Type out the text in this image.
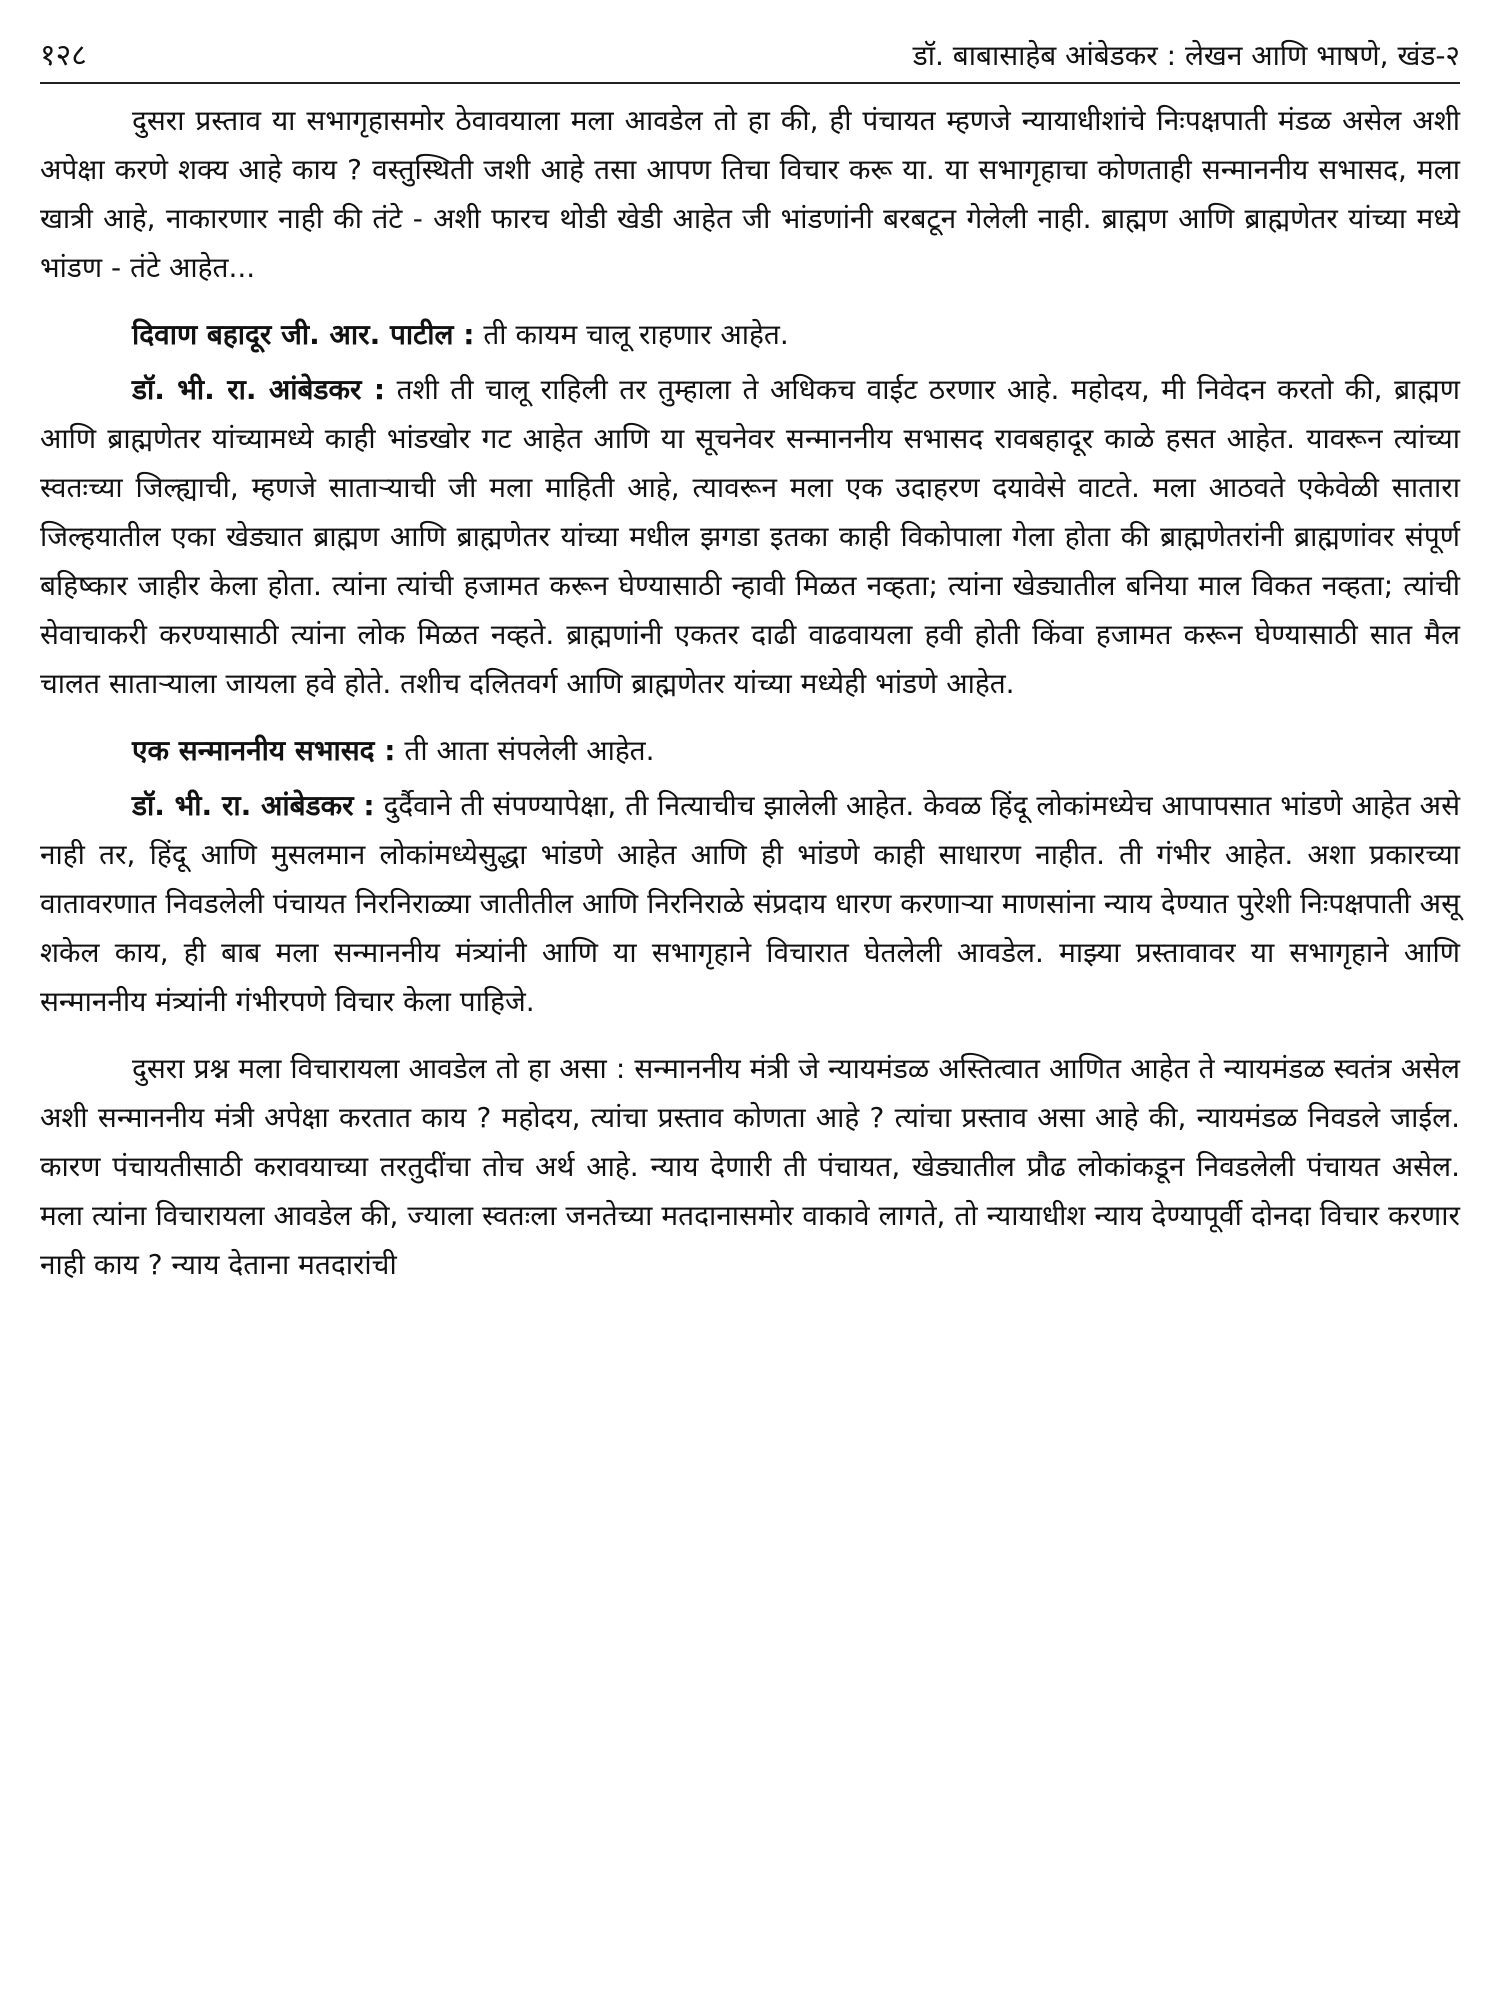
१२८	डॉ. बाबासाहेब आंबेडकर : लेखन आणि भाषणे, खंड-२

दुसरा प्रस्ताव या सभागृहासमोर ठेवावयाला मला आवडेल तो हा की, ही पंचायत म्हणजे न्यायाधीशांचे निःपक्षपाती मंडळ असेल अशी अपेक्षा करणे शक्य आहे काय ? वस्तुस्थिती जशी आहे तसा आपण तिचा विचार करू या. या सभागृहाचा कोणताही सन्माननीय सभासद, मला खात्री आहे, नाकारणार नाही की तंटे - अशी फारच थोडी खेडी आहेत जी भांडणांनी बरबटून गेलेली नाही. ब्राह्मण आणि ब्राह्मणेतर यांच्या मध्ये भांडण - तंटे आहेत...

दिवाण बहादूर जी. आर. पाटील : ती कायम चालू राहणार आहेत.

डॉ. भी. रा. आंबेडकर : तशी ती चालू राहिली तर तुम्हाला ते अधिकच वाईट ठरणार आहे. महोदय, मी निवेदन करतो की, ब्राह्मण आणि ब्राह्मणेतर यांच्यामध्ये काही भांडखोर गट आहेत आणि या सूचनेवर सन्माननीय सभासद रावबहादूर काळे हसत आहेत. यावरून त्यांच्या स्वतःच्या जिल्ह्याची, म्हणजे साताऱ्याची जी मला माहिती आहे, त्यावरून मला एक उदाहरण दयावेसे वाटते. मला आठवते एकेवेळी सातारा जिल्हयातील एका खेड्यात ब्राह्मण आणि ब्राह्मणेतर यांच्या मधील झगडा इतका काही विकोपाला गेला होता की ब्राह्मणेतरांनी ब्राह्मणांवर संपूर्ण बहिष्कार जाहीर केला होता. त्यांना त्यांची हजामत करून घेण्यासाठी न्हावी मिळत नव्हता; त्यांना खेड्यातील बनिया माल विकत नव्हता; त्यांची सेवाचाकरी करण्यासाठी त्यांना लोक मिळत नव्हते. ब्राह्मणांनी एकतर दाढी वाढवायला हवी होती किंवा हजामत करून घेण्यासाठी सात मैल चालत साताऱ्याला जायला हवे होते. तशीच दलितवर्ग आणि ब्राह्मणेतर यांच्या मध्येही भांडणे आहेत.

एक सन्माननीय सभासद : ती आता संपलेली आहेत.

डॉ. भी. रा. आंबेडकर : दुर्दैवाने ती संपण्यापेक्षा, ती नित्याचीच झालेली आहेत. केवळ हिंदू लोकांमध्येच आपापसात भांडणे आहेत असे नाही तर, हिंदू आणि मुसलमान लोकांमध्येसुद्धा भांडणे आहेत आणि ही भांडणे काही साधारण नाहीत. ती गंभीर आहेत. अशा प्रकारच्या वातावरणात निवडलेली पंचायत निरनिराळ्या जातीतील आणि निरनिराळे संप्रदाय धारण करणाऱ्या माणसांना न्याय देण्यात पुरेशी निःपक्षपाती असू शकेल काय, ही बाब मला सन्माननीय मंत्र्यांनी आणि या सभागृहाने विचारात घेतलेली आवडेल. माझ्या प्रस्तावावर या सभागृहाने आणि सन्माननीय मंत्र्यांनी गंभीरपणे विचार केला पाहिजे.

दुसरा प्रश्न मला विचारायला आवडेल तो हा असा : सन्माननीय मंत्री जे न्यायमंडळ अस्तित्वात आणित आहेत ते न्यायमंडळ स्वतंत्र असेल अशी सन्माननीय मंत्री अपेक्षा करतात काय ? महोदय, त्यांचा प्रस्ताव कोणता आहे ? त्यांचा प्रस्ताव असा आहे की, न्यायमंडळ निवडले जाईल. कारण पंचायतीसाठी करावयाच्या तरतुदींचा तोच अर्थ आहे. न्याय देणारी ती पंचायत, खेड्यातील प्रौढ लोकांकडून निवडलेली पंचायत असेल. मला त्यांना विचारायला आवडेल की, ज्याला स्वतःला जनतेच्या मतदानासमोर वाकावे लागते, तो न्यायाधीश न्याय देण्यापूर्वी दोनदा विचार करणार नाही काय ? न्याय देताना मतदारांची
